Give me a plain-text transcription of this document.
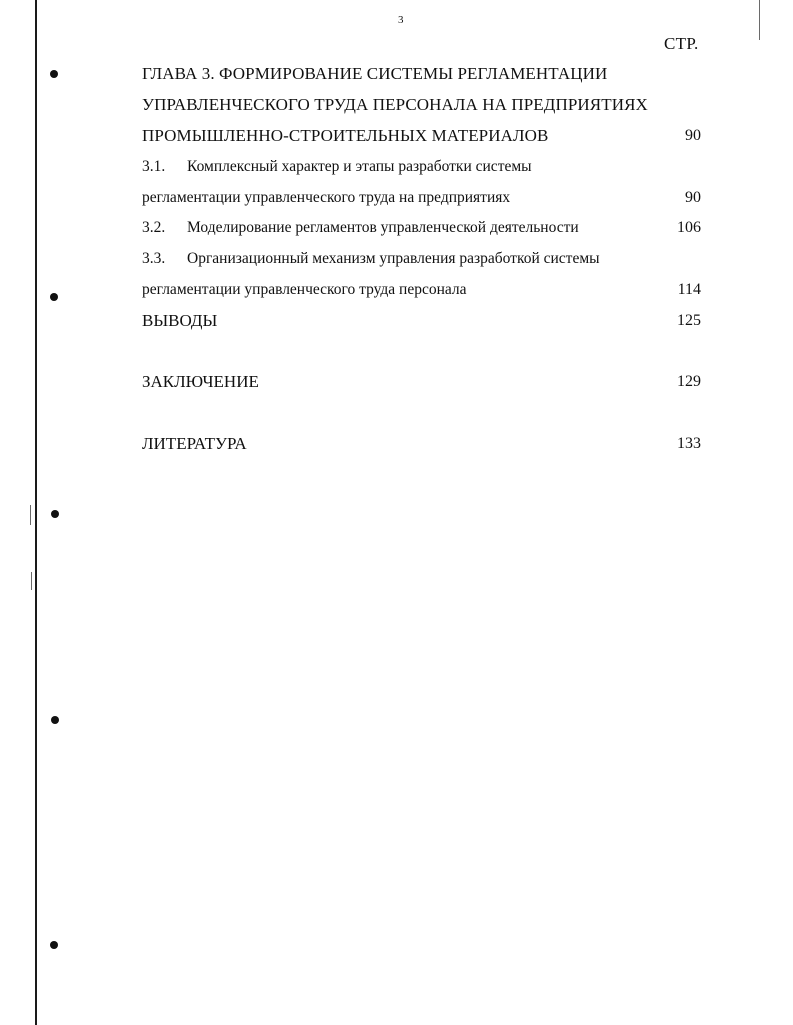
3
СТР.
ГЛАВА 3. ФОРМИРОВАНИЕ СИСТЕМЫ РЕГЛАМЕНТАЦИИ
УПРАВЛЕНЧЕСКОГО ТРУДА ПЕРСОНАЛА НА ПРЕДПРИЯТИЯХ
ПРОМЫШЛЕННО-СТРОИТЕЛЬНЫХ МАТЕРИАЛОВ	90
3.1. Комплексный характер и этапы разработки системы
регламентации управленческого труда на предприятиях	90
3.2. Моделирование регламентов управленческой деятельности	106
3.3. Организационный механизм управления разработкой системы
регламентации управленческого труда персонала	114
ВЫВОДЫ	125
ЗАКЛЮЧЕНИЕ	129
ЛИТЕРАТУРА	133
